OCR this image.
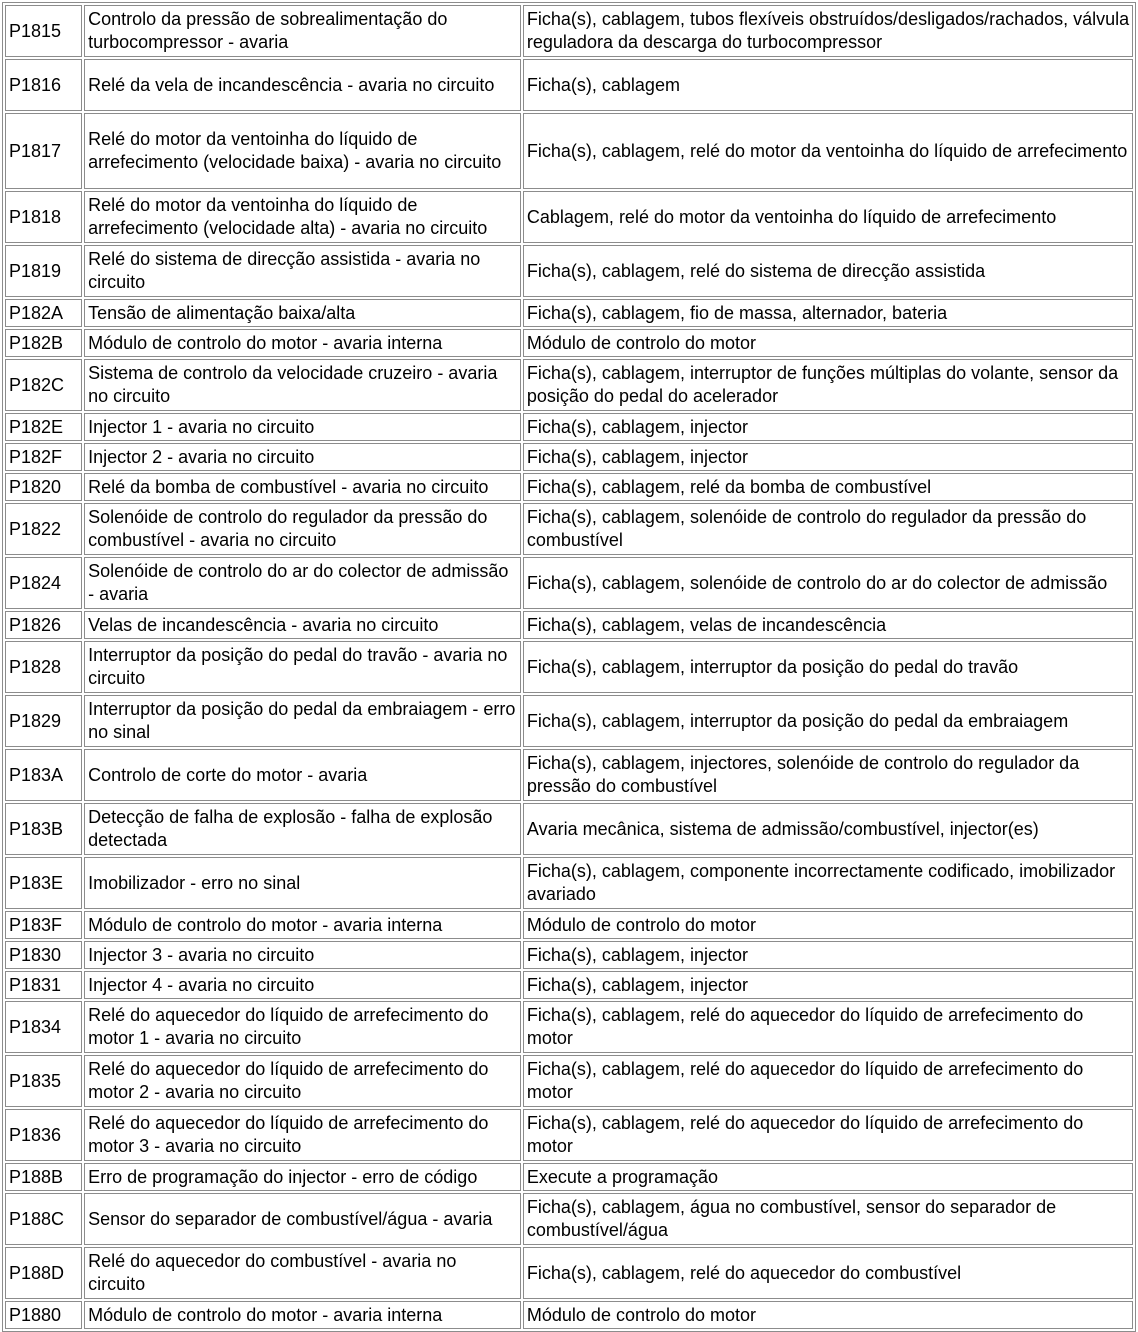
P1815	Controlo da pressão de sobrealimentação do turbocompressor - avaria	Ficha(s), cablagem, tubos flexíveis obstruídos/desligados/rachados, válvula reguladora da descarga do turbocompressor
P1816	Relé da vela de incandescência - avaria no circuito	Ficha(s), cablagem
P1817	Relé do motor da ventoinha do líquido de arrefecimento (velocidade baixa) - avaria no circuito	Ficha(s), cablagem, relé do motor da ventoinha do líquido de arrefecimento
P1818	Relé do motor da ventoinha do líquido de arrefecimento (velocidade alta) - avaria no circuito	Cablagem, relé do motor da ventoinha do líquido de arrefecimento
P1819	Relé do sistema de direcção assistida - avaria no circuito	Ficha(s), cablagem, relé do sistema de direcção assistida
P182A	Tensão de alimentação baixa/alta	Ficha(s), cablagem, fio de massa, alternador, bateria
P182B	Módulo de controlo do motor - avaria interna	Módulo de controlo do motor
P182C	Sistema de controlo da velocidade cruzeiro - avaria no circuito	Ficha(s), cablagem, interruptor de funções múltiplas do volante, sensor da posição do pedal do acelerador
P182E	Injector 1 - avaria no circuito	Ficha(s), cablagem, injector
P182F	Injector 2 - avaria no circuito	Ficha(s), cablagem, injector
P1820	Relé da bomba de combustível - avaria no circuito	Ficha(s), cablagem, relé da bomba de combustível
P1822	Solenóide de controlo do regulador da pressão do combustível - avaria no circuito	Ficha(s), cablagem, solenóide de controlo do regulador da pressão do combustível
P1824	Solenóide de controlo do ar do colector de admissão - avaria	Ficha(s), cablagem, solenóide de controlo do ar do colector de admissão
P1826	Velas de incandescência - avaria no circuito	Ficha(s), cablagem, velas de incandescência
P1828	Interruptor da posição do pedal do travão - avaria no circuito	Ficha(s), cablagem, interruptor da posição do pedal do travão
P1829	Interruptor da posição do pedal da embraiagem - erro no sinal	Ficha(s), cablagem, interruptor da posição do pedal da embraiagem
P183A	Controlo de corte do motor - avaria	Ficha(s), cablagem, injectores, solenóide de controlo do regulador da pressão do combustível
P183B	Detecção de falha de explosão - falha de explosão detectada	Avaria mecânica, sistema de admissão/combustível, injector(es)
P183E	Imobilizador - erro no sinal	Ficha(s), cablagem, componente incorrectamente codificado, imobilizador avariado
P183F	Módulo de controlo do motor - avaria interna	Módulo de controlo do motor
P1830	Injector 3 - avaria no circuito	Ficha(s), cablagem, injector
P1831	Injector 4 - avaria no circuito	Ficha(s), cablagem, injector
P1834	Relé do aquecedor do líquido de arrefecimento do motor 1 - avaria no circuito	Ficha(s), cablagem, relé do aquecedor do líquido de arrefecimento do motor
P1835	Relé do aquecedor do líquido de arrefecimento do motor 2 - avaria no circuito	Ficha(s), cablagem, relé do aquecedor do líquido de arrefecimento do motor
P1836	Relé do aquecedor do líquido de arrefecimento do motor 3 - avaria no circuito	Ficha(s), cablagem, relé do aquecedor do líquido de arrefecimento do motor
P188B	Erro de programação do injector - erro de código	Execute a programação
P188C	Sensor do separador de combustível/água - avaria	Ficha(s), cablagem, água no combustível, sensor do separador de combustível/água
P188D	Relé do aquecedor do combustível - avaria no circuito	Ficha(s), cablagem, relé do aquecedor do combustível
P1880	Módulo de controlo do motor - avaria interna	Módulo de controlo do motor
